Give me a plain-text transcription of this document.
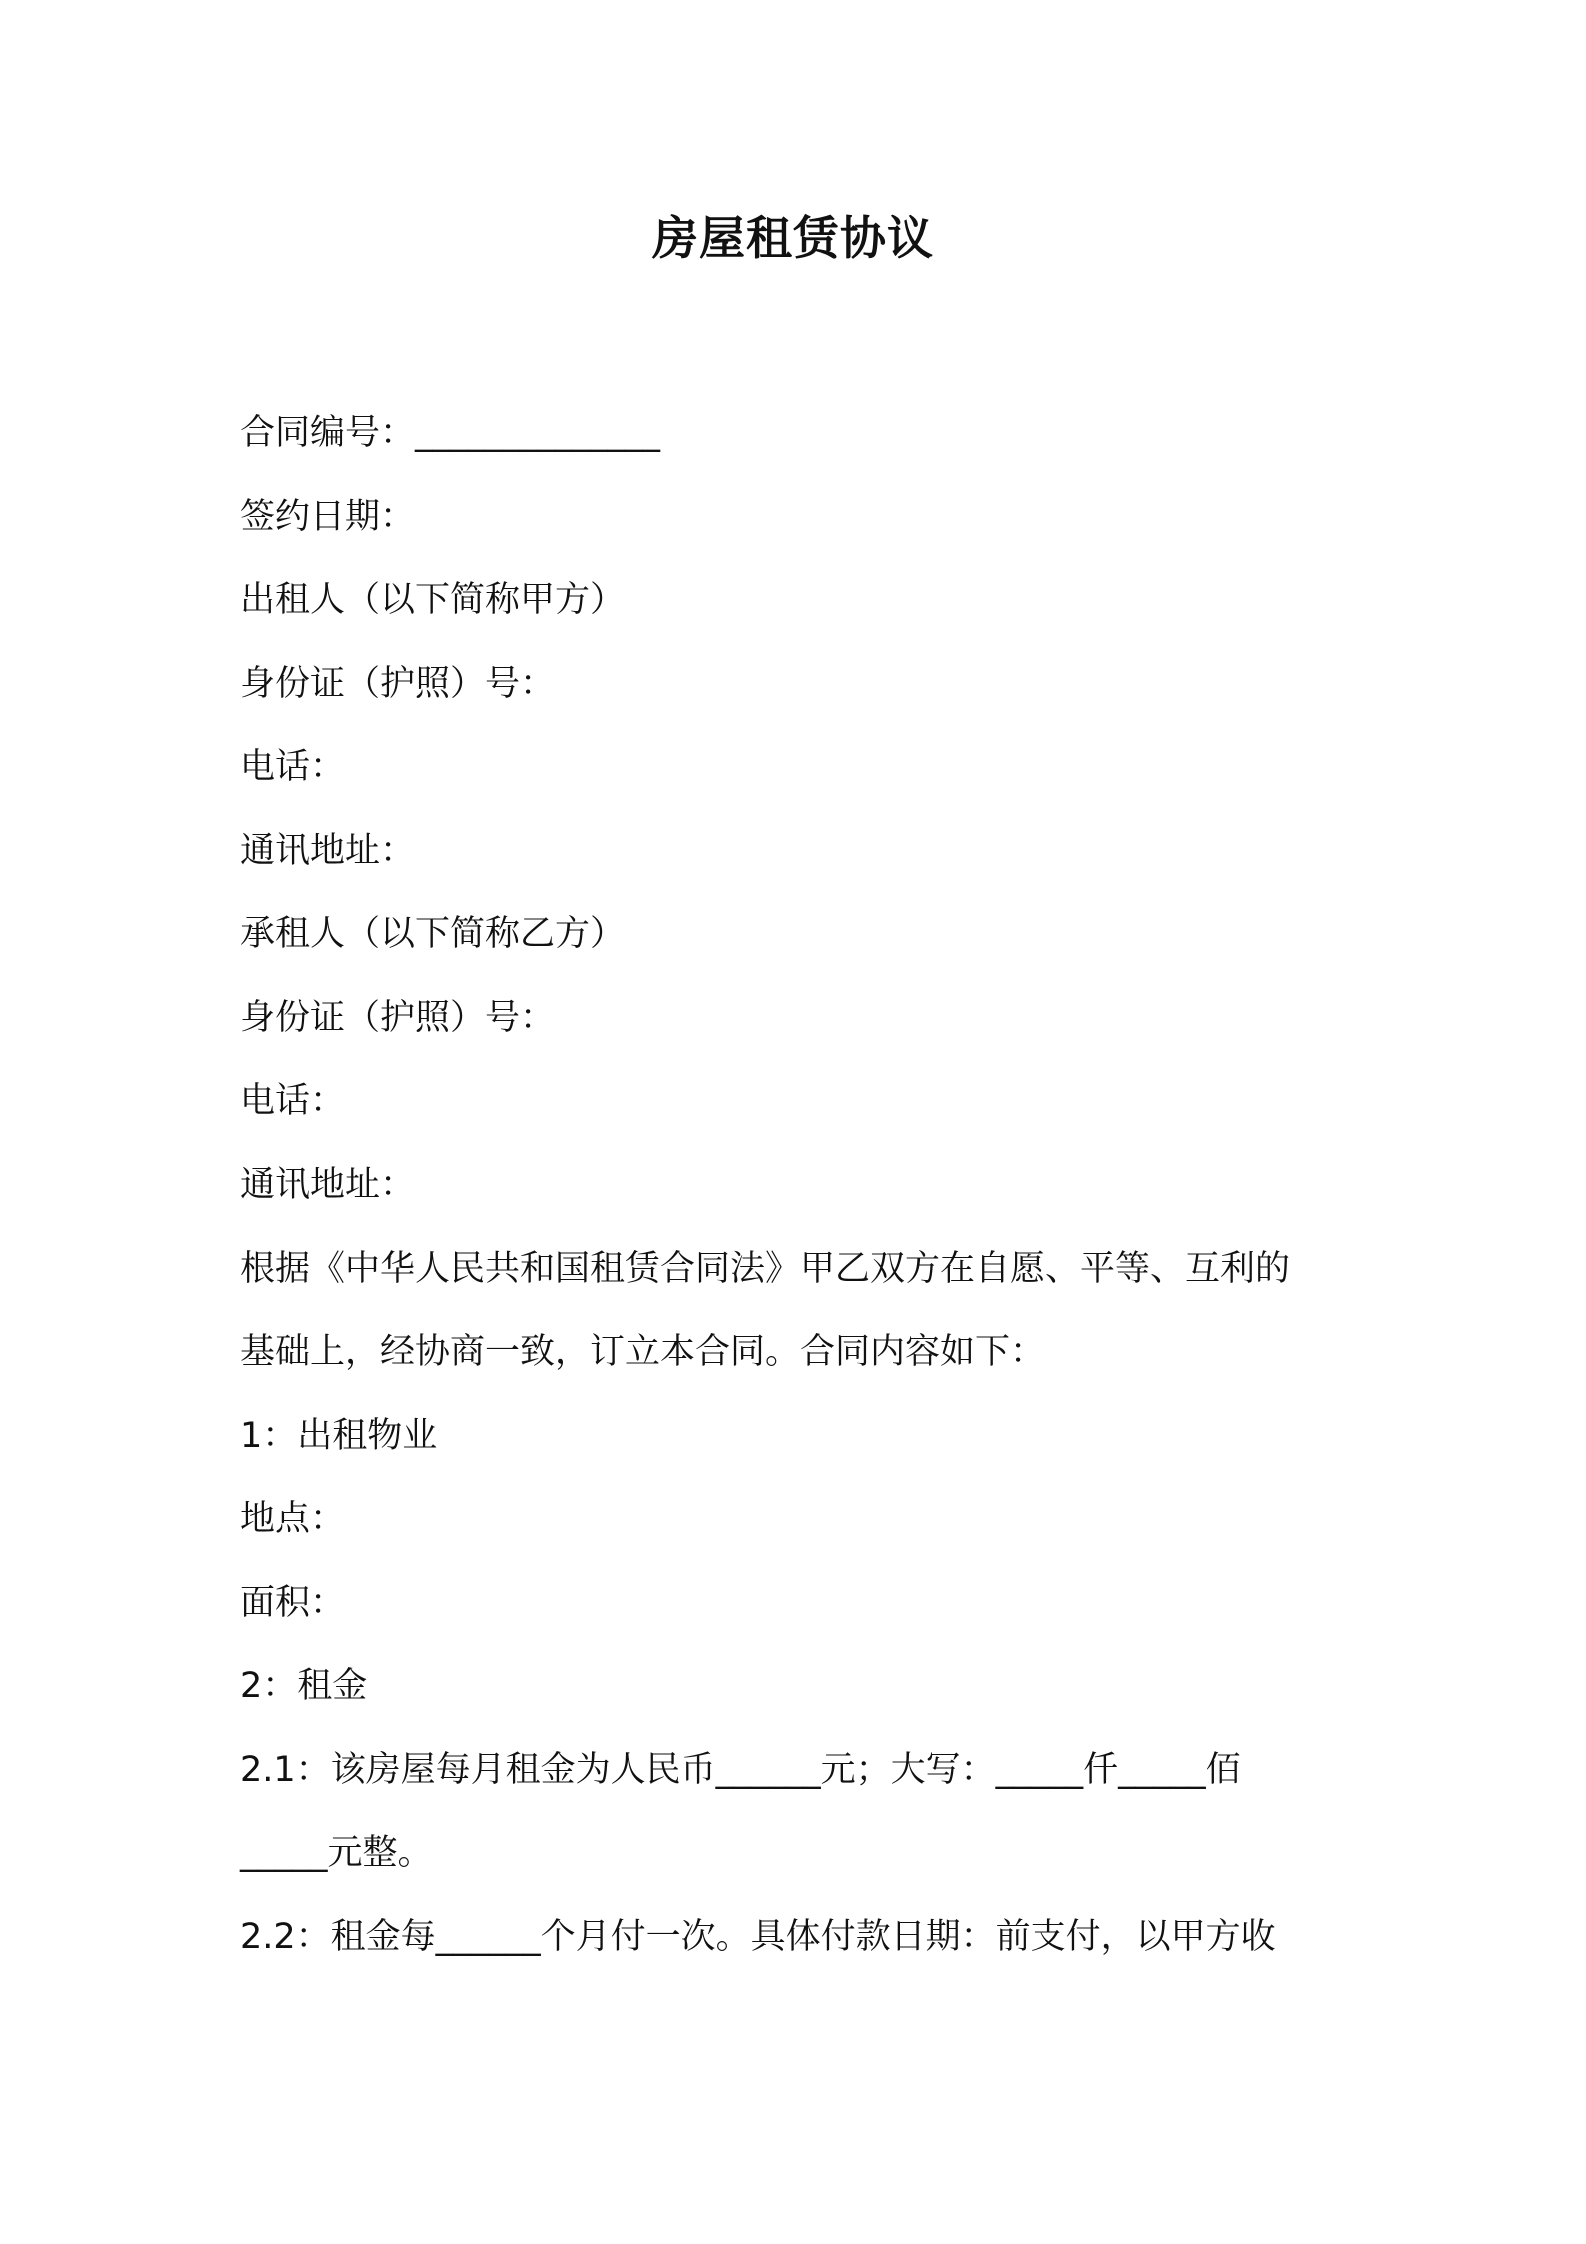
房屋租赁协议
合同编号：______________
签约日期：
出租人（以下简称甲方）
身份证（护照）号：
电话：
通讯地址：
承租人（以下简称乙方）
身份证（护照）号：
电话：
通讯地址：
根据《中华人民共和国租赁合同法》甲乙双方在自愿、平等、互利的
基础上，经协商一致，订立本合同。合同内容如下：
1：出租物业
地点：
面积：
2：租金
2.1：该房屋每月租金为人民币______元；大写：_____仟_____佰
_____元整。
2.2：租金每______个月付一次。具体付款日期：前支付，以甲方收
